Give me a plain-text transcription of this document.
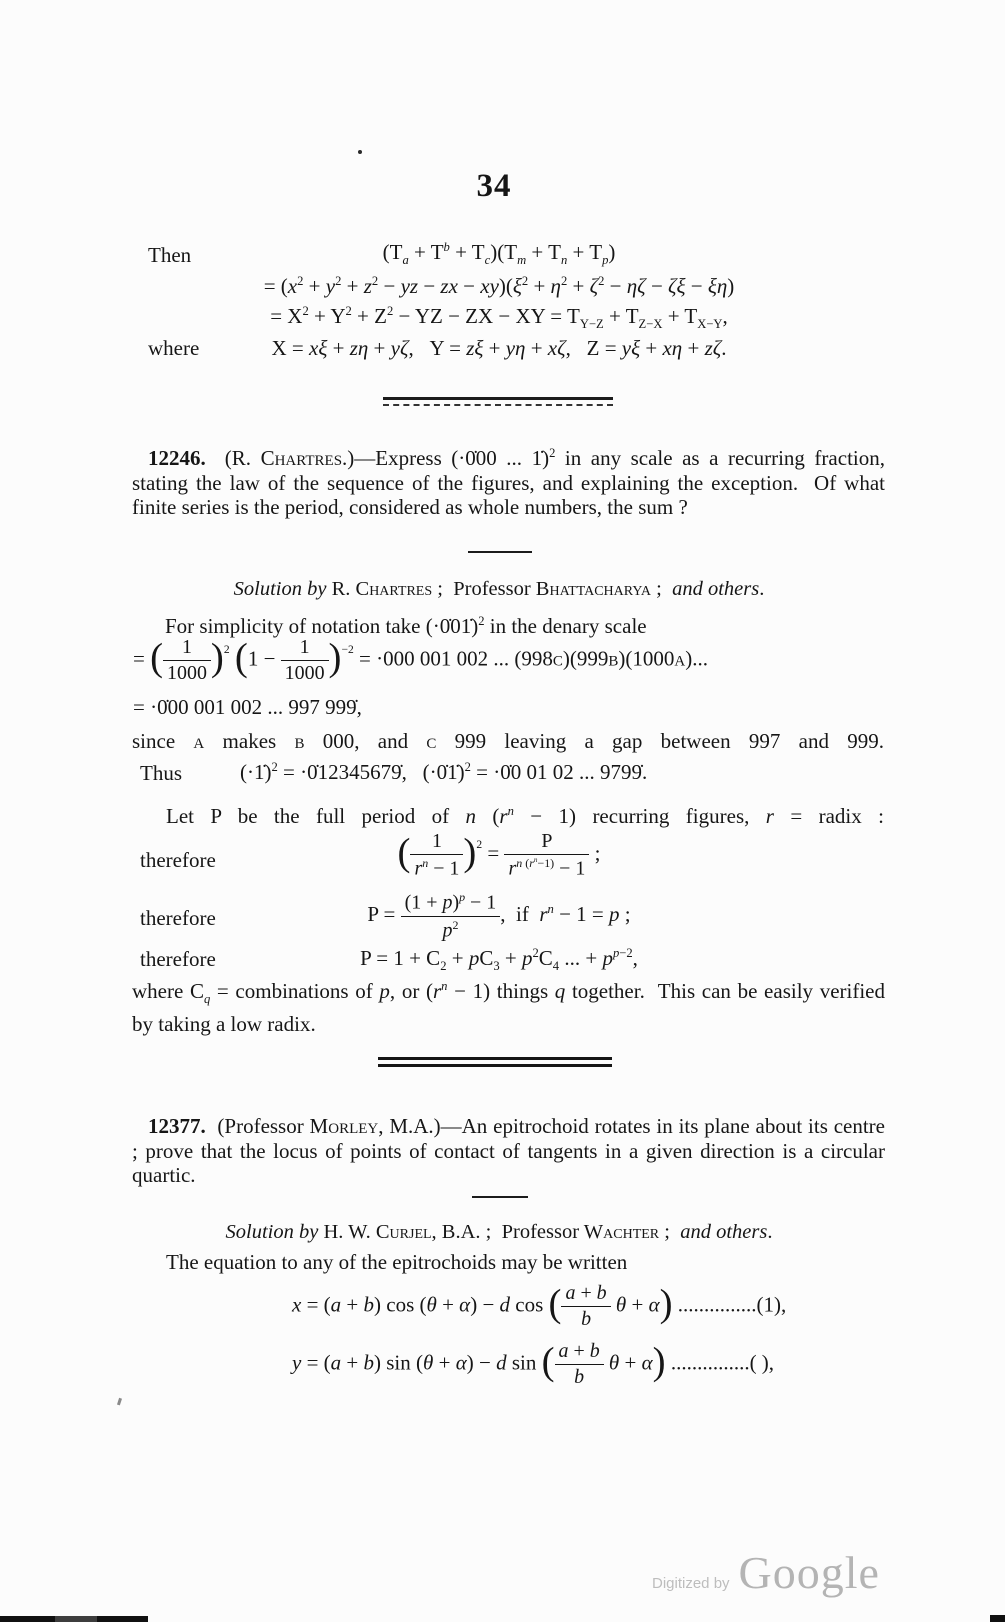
34
Then	$(T_a + T^b + T_c)(T_m + T_n + T_p)$
= ($x^2 + y^2 + z^2$ − yz − zx − $xy)(\xi^2 + \eta^2 + \zeta^2 - \eta\zeta - \zeta\xi - \xi\eta)$
= $X^2 + Y^2 + Z^2$ − YZ − ZX − XY = $T_{Y-Z} + T_{Z-X} + T_{X-Y}$,
where	X = xξ + zη + yζ,   Y = zξ + yη + xζ,   Z = yξ + xη + zζ.
12246.  (R. Chartres.)—Express (·0̇00 ... 1̇)$^2$ in any scale as a recurring fraction, stating the law of the sequence of the figures, and explaining the exception.  Of what finite series is the period, considered as whole numbers, the sum ?
Solution by R. Chartres ;  Professor Bhattacharya ;  and others.
For simplicity of notation take (·0̇01̇)$^2$ in the denary scale
= ( $\frac{1}{1000} )^2$ $(1 - \frac{1}{1000} )^{-2} = \cdot 000$ 001 002 ... (998c)(999b)(1000a)...
= ·0̇00 001 002 ... 997 999̇,
since a makes b 000, and c 999 leaving a gap between 997 and 999.
Thus	(·1̇)$^2$ = ·0̇12345679̇,   (·0̇1̇)$^2$ = ·0̇0 01 02 ... 9799̇.
Let P be the full period of n $(r^n - 1)$ recurring figures, r = radix :
therefore	( $\frac{1}{r^n - 1} )^2 = \frac{P}{r^{n (r^n-1)} - 1}$ ;
therefore	$P = \frac{(1 + p)^p - 1}{p^2}$ ,  if  $r^n - 1 = p$ ;
therefore	$P = 1 + C_2 + pC_3 + p^2C_4$ ... + $p^{p-2}$,
where $C_q$ = combinations of p, or $(r^n - 1)$ things q together.  This can be easily verified by taking a low radix.
12377.  (Professor Morley, M.A.)—An epitrochoid rotates in its plane about its centre ; prove that the locus of points of contact of tangents in a given direction is a circular quartic.
Solution by H. W. Curjel, B.A. ;  Professor Wachter ;  and others.
The equation to any of the epitrochoids may be written
x = (a + b) cos (θ + α) − d cos ( $\frac{a + b}{b}$ θ + α) ...............(1),
y = (a + b) sin (θ + α) − d sin ( $\frac{a + b}{b}$ θ + α) ...............( ),
Digitized by Google
